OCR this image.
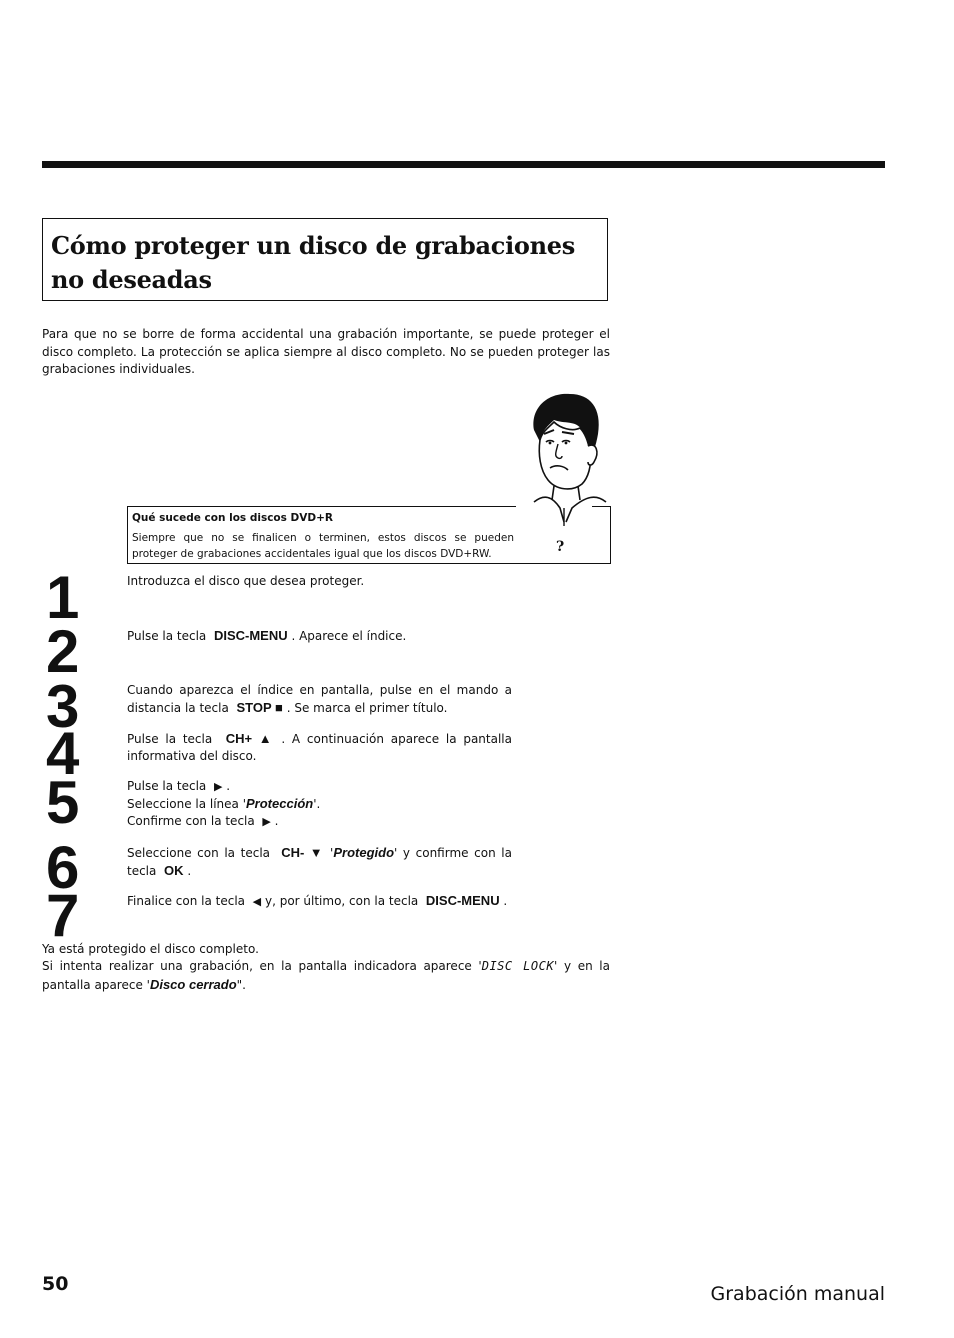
Cómo proteger un disco de grabaciones
no deseadas

Para que no se borre de forma accidental una grabación importante, se puede proteger el disco completo. La protección se aplica siempre al disco completo. No se pueden proteger las grabaciones individuales.

Qué sucede con los discos DVD+R
Siempre que no se finalicen o terminen, estos discos se pueden proteger de grabaciones accidentales igual que los discos DVD+RW.	?
1
2
3
4
5
6
7

Introduzca el disco que desea proteger.

Pulse la tecla DISC-MENU . Aparece el índice.

Cuando aparezca el índice en pantalla, pulse en el mando a distancia la tecla STOP ■ . Se marca el primer título.

Pulse la tecla CH+ ▲ . A continuación aparece la pantalla informativa del disco.

Pulse la tecla ▶ .
Seleccione la línea 'Protección'.
Confirme con la tecla ▶ .

Seleccione con la tecla CH- ▼ 'Protegido' y confirme con la tecla OK .

Finalice con la tecla ◀ y, por último, con la tecla DISC-MENU .

Ya está protegido el disco completo.

Si intenta realizar una grabación, en la pantalla indicadora aparece 'DISC LOCK' y en la pantalla aparece 'Disco cerrado".

50	Grabación manual
